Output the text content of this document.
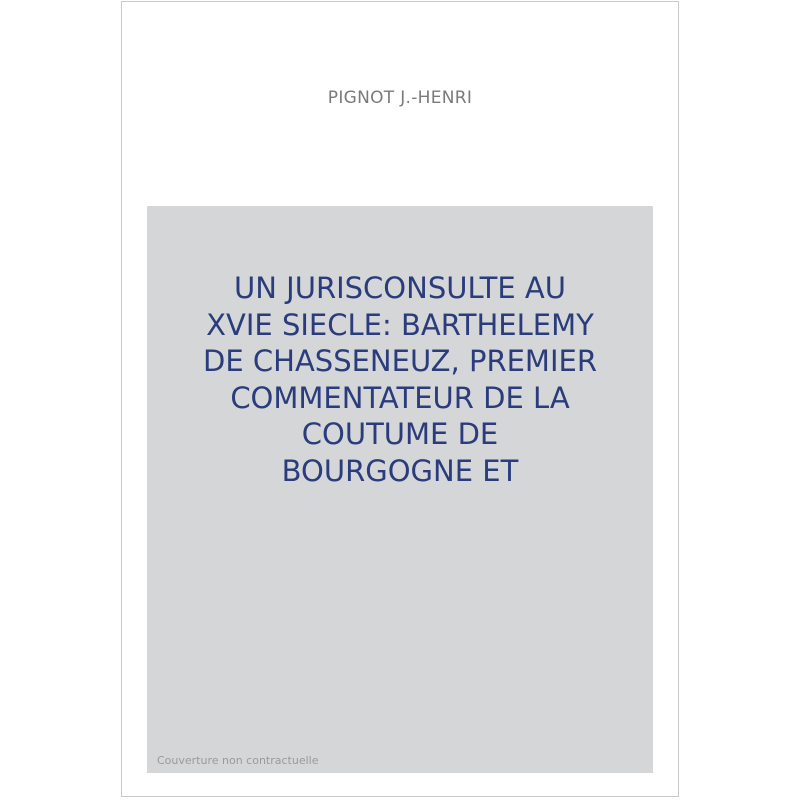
PIGNOT J.-HENRI
UN JURISCONSULTE AU
XVIE SIECLE: BARTHELEMY
DE CHASSENEUZ, PREMIER
COMMENTATEUR DE LA
COUTUME DE
BOURGOGNE ET
Couverture non contractuelle
